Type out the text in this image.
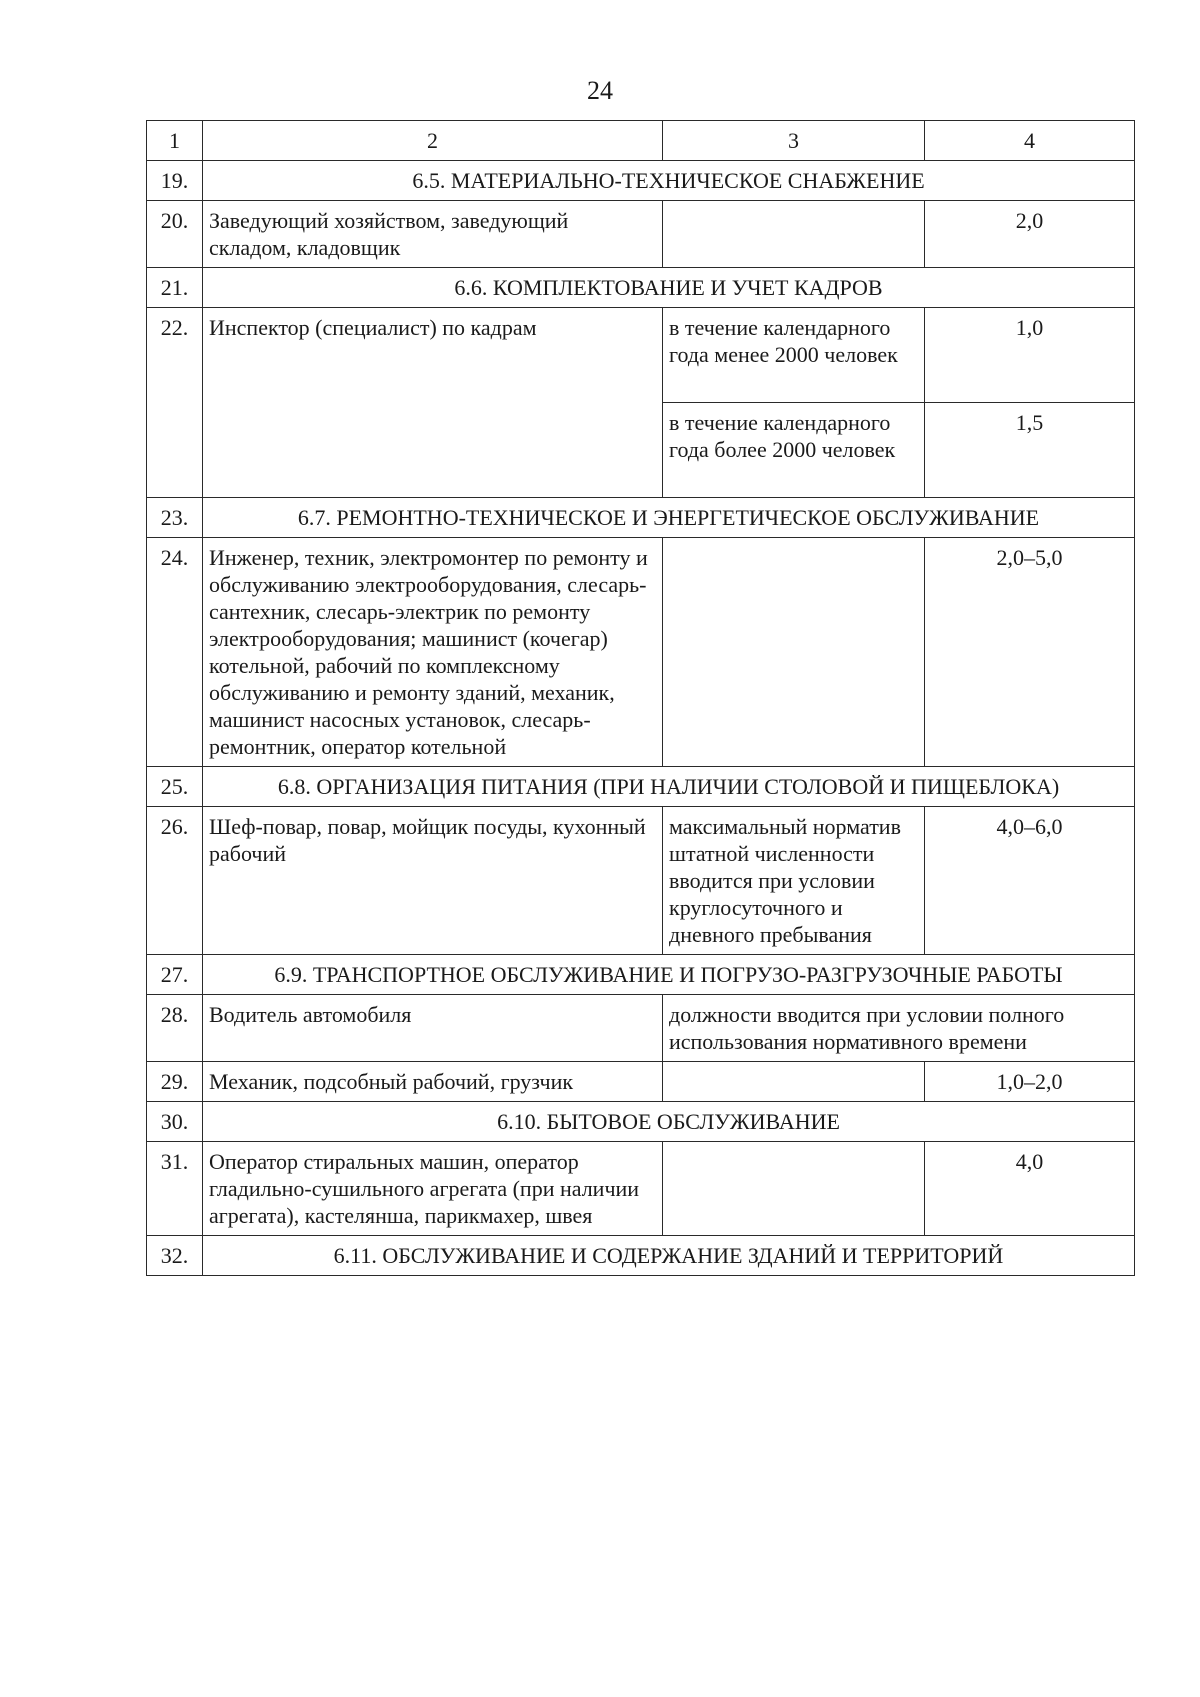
24
1	2	3	4
19.	6.5. МАТЕРИАЛЬНО-ТЕХНИЧЕСКОЕ СНАБЖЕНИЕ		
20.	Заведующий хозяйством, заведующий складом, кладовщик		2,0
21.	6.6. КОМПЛЕКТОВАНИЕ И УЧЕТ КАДРОВ		
22.	Инспектор (специалист) по кадрам	в течение календарного года менее 2000 человек	1,0
		в течение календарного года более 2000 человек	1,5
23.	6.7. РЕМОНТНО-ТЕХНИЧЕСКОЕ И ЭНЕРГЕТИЧЕСКОЕ ОБСЛУЖИВАНИЕ		
24.	Инженер, техник, электромонтер по ремонту и обслуживанию электрооборудования, слесарь-сантехник, слесарь-электрик по ремонту электрооборудования; машинист (кочегар) котельной, рабочий по комплексному обслуживанию и ремонту зданий, механик, машинист насосных установок, слесарь-ремонтник, оператор котельной		2,0–5,0
25.	6.8. ОРГАНИЗАЦИЯ ПИТАНИЯ (ПРИ НАЛИЧИИ СТОЛОВОЙ И ПИЩЕБЛОКА)		
26.	Шеф-повар, повар, мойщик посуды, кухонный рабочий	максимальный норматив штатной численности вводится при условии круглосуточного и дневного пребывания	4,0–6,0
27.	6.9. ТРАНСПОРТНОЕ ОБСЛУЖИВАНИЕ И ПОГРУЗО-РАЗГРУЗОЧНЫЕ РАБОТЫ		
28.	Водитель автомобиля	должности вводится при условии полного использования нормативного времени	
29.	Механик, подсобный рабочий, грузчик		1,0–2,0
30.	6.10. БЫТОВОЕ ОБСЛУЖИВАНИЕ		
31.	Оператор стиральных машин, оператор гладильно-сушильного агрегата (при наличии агрегата), кастелянша, парикмахер, швея		4,0
32.	6.11. ОБСЛУЖИВАНИЕ И СОДЕРЖАНИЕ ЗДАНИЙ И ТЕРРИТОРИЙ		
